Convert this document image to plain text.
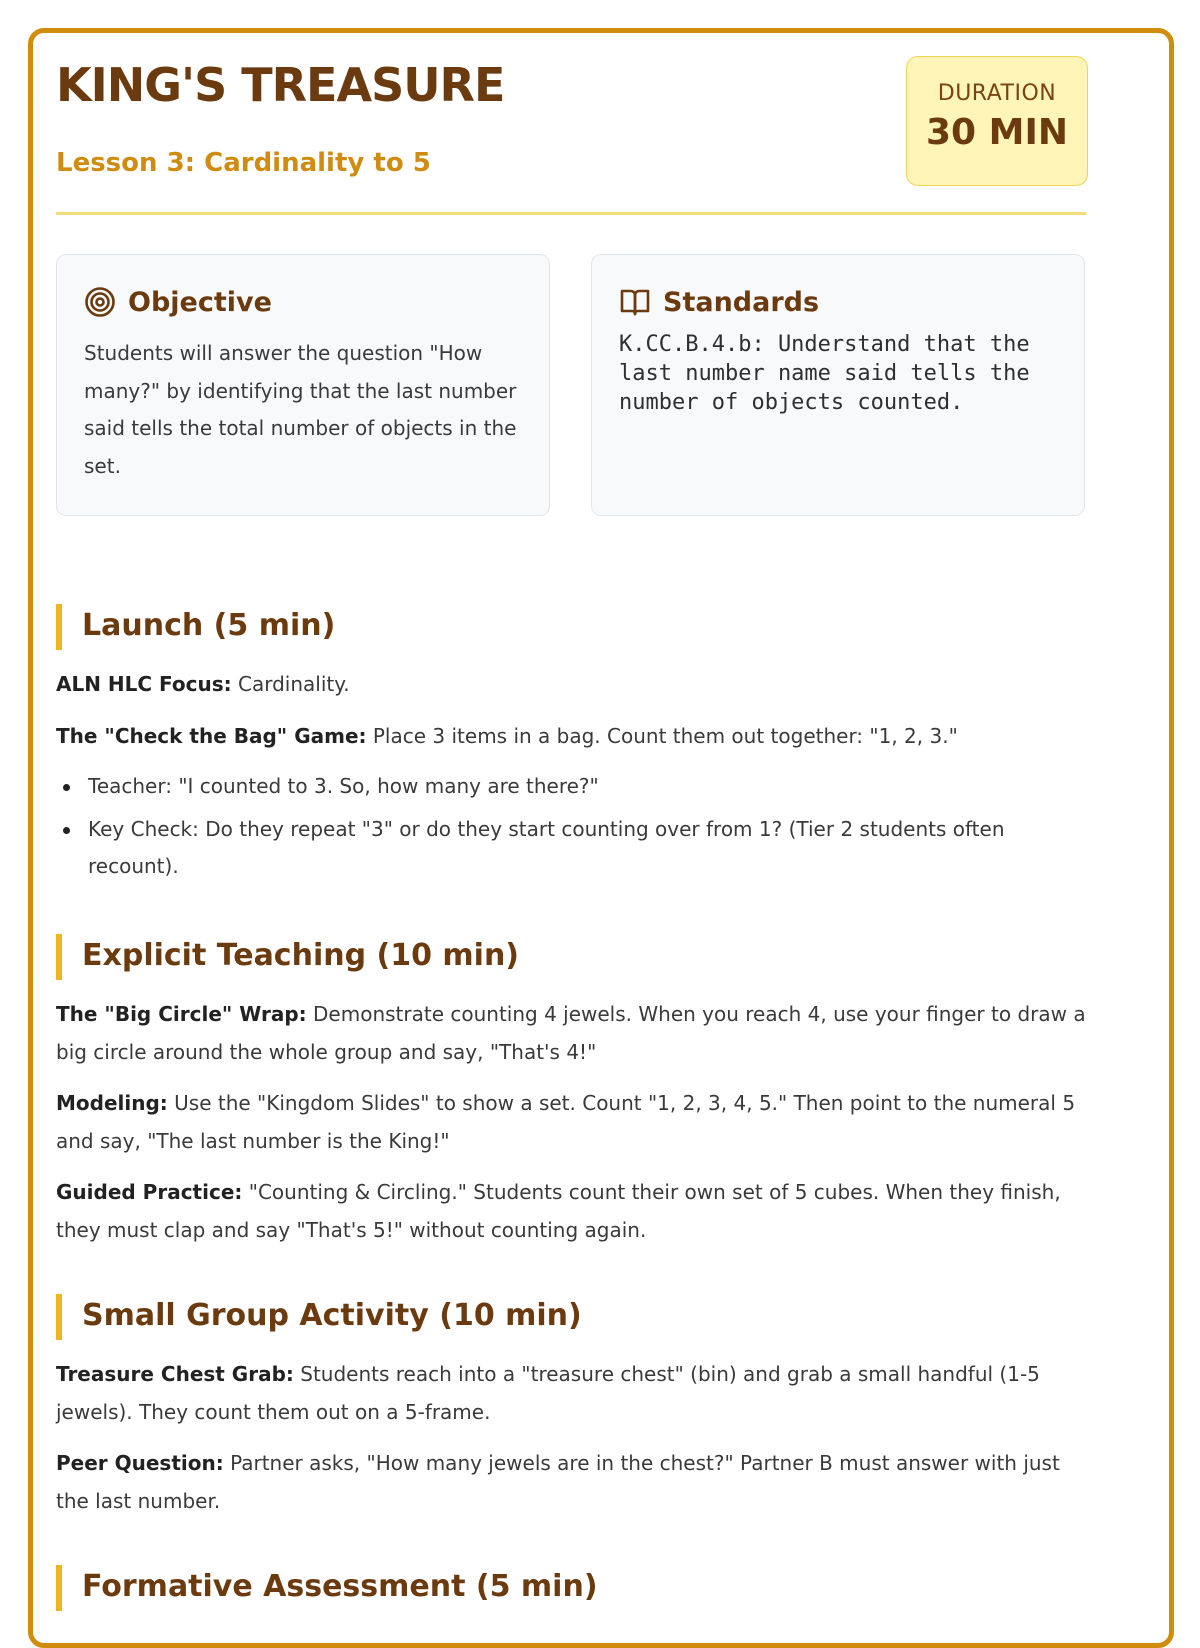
KING'S TREASURE
Lesson 3: Cardinality to 5
DURATION
30 MIN
Objective
Students will answer the question "How many?" by identifying that the last number said tells the total number of objects in the set.
Standards
K.CC.B.4.b: Understand that the last number name said tells the number of objects counted.
Launch (5 min)

ALN HLC Focus: Cardinality.

The "Check the Bag" Game: Place 3 items in a bag. Count them out together: "1, 2, 3."

Teacher: "I counted to 3. So, how many are there?"
Key Check: Do they repeat "3" or do they start counting over from 1? (Tier 2 students often recount).
Explicit Teaching (10 min)

The "Big Circle" Wrap: Demonstrate counting 4 jewels. When you reach 4, use your finger to draw a big circle around the whole group and say, "That's 4!"

Modeling: Use the "Kingdom Slides" to show a set. Count "1, 2, 3, 4, 5." Then point to the numeral 5 and say, "The last number is the King!"

Guided Practice: "Counting & Circling." Students count their own set of 5 cubes. When they finish, they must clap and say "That's 5!" without counting again.

Small Group Activity (10 min)

Treasure Chest Grab: Students reach into a "treasure chest" (bin) and grab a small handful (1-5 jewels). They count them out on a 5-frame.

Peer Question: Partner asks, "How many jewels are in the chest?" Partner B must answer with just the last number.

Formative Assessment (5 min)
